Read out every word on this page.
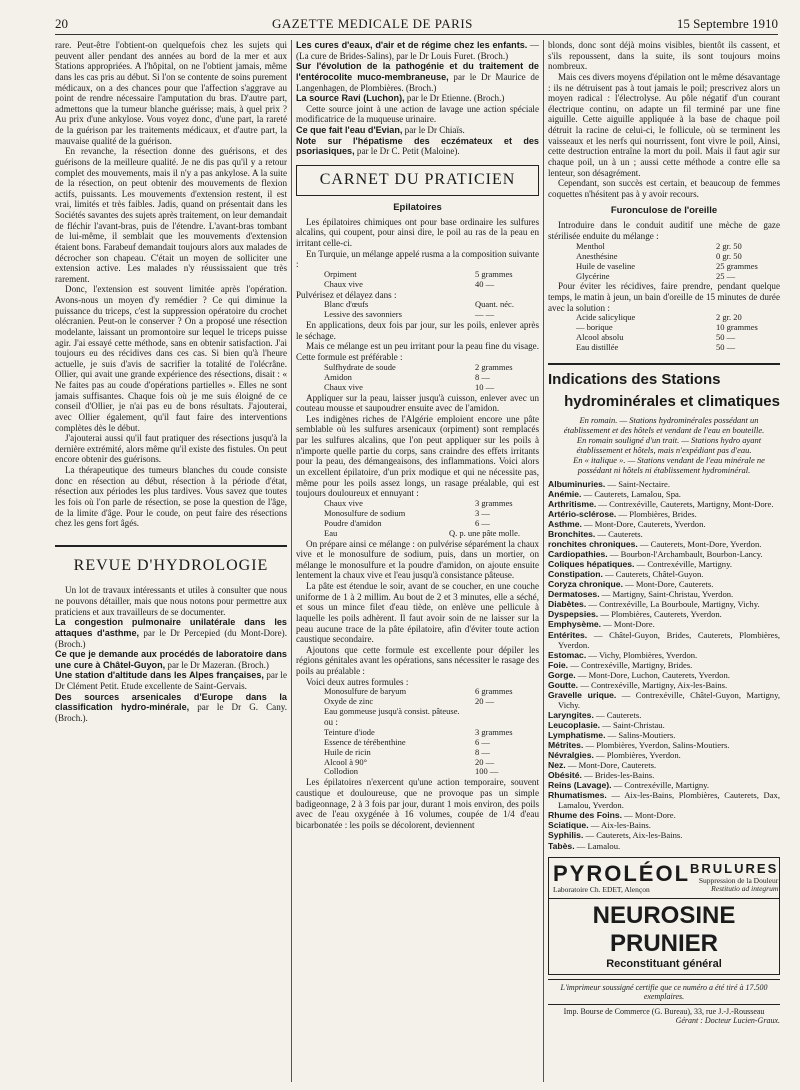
20	GAZETTE MEDICALE DE PARIS	15 Septembre 1910

rare. Peut-être l'obtient-on quelquefois chez les sujets qui peuvent aller pendant des années au bord de la mer et aux Stations appropriées. A l'hôpital, on ne l'obtient jamais, même dans les cas pris au début. Si l'on se contente de soins purement médicaux, on a des chances pour que l'affection s'aggrave au point de rendre nécessaire l'amputation du bras. D'autre part, admettons que la tumeur blanche guérisse; mais, à quel prix ? Au prix d'une ankylose. Vous voyez donc, d'une part, la rareté de la guérison par les traitements médicaux, et d'autre part, la mauvaise qualité de la guérison.

En revanche, la résection donne des guérisons, et des guérisons de la meilleure qualité. Je ne dis pas qu'il y a retour complet des mouvements, mais il n'y a pas ankylose. A la suite de la résection, on peut obtenir des mouvements de flexion actifs, puissants. Les mouvements d'extension restent, il est vrai, limités et très faibles. Jadis, quand on présentait dans les Sociétés savantes des sujets après traitement, on leur demandait de fléchir l'avant-bras, puis de l'étendre. L'avant-bras tombant de lui-même, il semblait que les mouvements d'extension étaient bons. Farabeuf demandait toujours alors aux malades de décrocher son chapeau. C'était un moyen de solliciter une extension active. Les malades n'y réussissaient que très rarement.

Donc, l'extension est souvent limitée après l'opération. Avons-nous un moyen d'y remédier ? Ce qui diminue la puissance du triceps, c'est la suppression opératoire du crochet olécranien. Peut-on le conserver ? On a proposé une résection modelante, laissant un promontoire sur lequel le triceps puisse agir. J'ai essayé cette méthode, sans en obtenir satisfaction. J'ai toujours eu des récidives dans ces cas. Si bien qu'à l'heure actuelle, je suis d'avis de sacrifier la totalité de l'olécrâne. Ollier, qui avait une grande expérience des résections, disait : « Ne faites pas au coude d'opérations partielles ». Elles ne sont jamais suffisantes. Chaque fois où je me suis éloigné de ce conseil d'Ollier, je n'ai pas eu de bons résultats. J'ajouterai, avec Ollier également, qu'il faut faire des interventions complètes dès le début.

J'ajouterai aussi qu'il faut pratiquer des résections jusqu'à la dernière extrémité, alors même qu'il existe des fistules. On peut encore obtenir des guérisons.

La thérapeutique des tumeurs blanches du coude consiste donc en résection au début, résection à la période d'état, résection aux périodes les plus tardives. Vous savez que toutes les fois où l'on parle de résection, se pose la question de l'âge, de la limite d'âge. Pour le coude, on peut faire des résections chez les gens fort âgés.

REVUE D'HYDROLOGIE

Un lot de travaux intéressants et utiles à consulter que nous ne pouvons détailler, mais que nous notons pour permettre aux praticiens et aux travailleurs de se documenter.

La congestion pulmonaire unilatérale dans les attaques d'asthme, par le Dr Percepied (du Mont-Dore). (Broch.)

Ce que je demande aux procédés de laboratoire dans une cure à Châtel-Guyon, par le Dr Mazeran. (Broch.)

Une station d'altitude dans les Alpes françaises, par le Dr Clément Petit. Etude excellente de Saint-Gervais.

Des sources arsenicales d'Europe dans la classification hydro-minérale, par le Dr G. Cany. (Broch.).

Les cures d'eaux, d'air et de régime chez les enfants. — (La cure de Brides-Salins), par le Dr Louis Furet. (Broch.)

Sur l'évolution de la pathogénie et du traitement de l'entérocolite muco-membraneuse, par le Dr Maurice de Langenhagen, de Plombières. (Broch.)

La source Ravi (Luchon), par le Dr Etienne. (Broch.)

Cette source joint à une action de lavage une action spéciale modificatrice de la muqueuse urinaire.

Ce que fait l'eau d'Evian, par le Dr Chiaïs.

Note sur l'hépatisme des eczémateux et des psoriasiques, par le Dr C. Petit (Maloine).

CARNET DU PRATICIEN
Epilatoires

Les épilatoires chimiques ont pour base ordinaire les sulfures alcalins, qui coupent, pour ainsi dire, le poil au ras de la peau en irritant celle-ci.

En Turquie, un mélange appelé rusma a la composition suivante :

Orpiment	5 grammes
Chaux vive	40 —

Pulvérisez et délayez dans :

Blanc d'œufs	Quant. néc.
Lessive des savonniers	— —

En applications, deux fois par jour, sur les poils, enlever après le séchage.

Mais ce mélange est un peu irritant pour la peau fine du visage. Cette formule est préférable :

Sulfhydrate de soude	2 grammes
Amidon	8 —
Chaux vive	10 —

Appliquer sur la peau, laisser jusqu'à cuisson, enlever avec un couteau mousse et saupoudrer ensuite avec de l'amidon.

Les indigènes riches de l'Algérie emploient encore une pâte semblable où les sulfures arsenicaux (orpiment) sont remplacés par les sulfures alcalins, que l'on peut appliquer sur les poils à n'importe quelle partie du corps, sans craindre des effets irritants pour la peau, des démangeaisons, des inflammations. Voici alors un excellent épilatoire, d'un prix modique et qui ne nécessite pas, même pour les poils assez longs, un rasage préalable, qui est toujours douloureux et ennuyant :

Chaux vive	3 grammes
Monosulfure de sodium	3 —
Poudre d'amidon	6 —
Eau	Q. p. une pâte molle.

On prépare ainsi ce mélange : on pulvérise séparément la chaux vive et le monosulfure de sodium, puis, dans un mortier, on mélange le monosulfure et la poudre d'amidon, on ajoute ensuite lentement la chaux vive et l'eau jusqu'à consistance pâteuse.

La pâte est étendue le soir, avant de se coucher, en une couche uniforme de 1 à 2 millim. Au bout de 2 et 3 minutes, elle a séché, et sous un mince filet d'eau tiède, on enlève une pellicule à laquelle les poils adhèrent. Il faut avoir soin de ne laisser sur la peau aucune trace de la pâte épilatoire, afin d'éviter toute action caustique secondaire.

Ajoutons que cette formule est excellente pour dépiler les régions génitales avant les opérations, sans nécessiter le rasage des poils au préalable :

Voici deux autres formules :

Monosulfure de baryum	6 grammes
Oxyde de zinc	20 —
Eau gommeuse jusqu'à consist. pâteuse.

ou :

Teinture d'iode	3 grammes
Essence de térébenthine	6 —
Huile de ricin	8 —
Alcool à 90°	20 —
Collodion	100 —

Les épilatoires n'exercent qu'une action temporaire, souvent caustique et douloureuse, que ne provoque pas un simple badigeonnage, 2 à 3 fois par jour, durant 1 mois environ, des poils avec de l'eau oxygénée à 16 volumes, coupée de 1/4 d'eau bicarbonatée : les poils se décolorent, deviennent

blonds, donc sont déjà moins visibles, bientôt ils cassent, et s'ils repoussent, dans la suite, ils sont toujours moins nombreux.

Mais ces divers moyens d'épilation ont le même désavantage : ils ne détruisent pas à tout jamais le poil; prescrivez alors un moyen radical : l'électrolyse. Au pôle négatif d'un courant électrique continu, on adapte un fil terminé par une fine aiguille. Cette aiguille appliquée à la base de chaque poil détruit la racine de celui-ci, le follicule, où se terminent les vaisseaux et les nerfs qui nourrissent, font vivre le poil, Ainsi, cette destruction entraîne la mort du poil. Mais il faut agir sur chaque poil, un à un ; aussi cette méthode a contre elle sa lenteur, son désagrément.

Cependant, son succès est certain, et beaucoup de femmes coquettes n'hésitent pas à y avoir recours.

Furonculose de l'oreille

Introduire dans le conduit auditif une mèche de gaze stérilisée enduite du mélange :

Menthol	2 gr. 50
Anesthésine	0 gr. 50
Huile de vaseline	25 grammes
Glycérine	25 —

Pour éviter les récidives, faire prendre, pendant quelque temps, le matin à jeun, un bain d'oreille de 15 minutes de durée avec la solution :

Acide salicylique	2 gr. 20
— borique	10 grammes
Alcool absolu	50 —
Eau distillée	50 —
Indications des Stations
hydrominérales et climatiques

En romain. — Stations hydrominérales possédant un établissement et des hôtels et vendant de l'eau en bouteille.

En romain souligné d'un trait. — Stations hydro ayant établissement et hôtels, mais n'expédiant pas d'eau.

En « italique ». — Stations vendant de l'eau minérale ne possédant ni hôtels ni établissement hydrominéral.

Albuminuries. — Saint-Nectaire.

Anémie. — Cauterets, Lamalou, Spa.

Arthritisme. — Contrexéville, Cauterets, Martigny, Mont-Dore.

Artério-sclérose. — Plombières, Brides.

Asthme. — Mont-Dore, Cauterets, Yverdon.

Bronchites. — Cauterets.

ronchites chroniques. — Cauterets, Mont-Dore, Yverdon.

Cardiopathies. — Bourbon-l'Archambault, Bourbon-Lancy.

Coliques hépatiques. — Contrexéville, Martigny.

Constipation. — Cauterets, Châtel-Guyon.

Coryza chronique. — Mont-Dore, Cauterets.

Dermatoses. — Martigny, Saint-Christau, Yverdon.

Diabètes. — Contrexéville, La Bourboule, Martigny, Vichy.

Dyspepsies. — Plombières, Cauterets, Yverdon.

Emphysème. — Mont-Dore.

Entérites. — Châtel-Guyon, Brides, Cauterets, Plombières, Yverdon.

Estomac. — Vichy, Plombières, Yverdon.

Foie. — Contrexéville, Martigny, Brides.

Gorge. — Mont-Dore, Luchon, Cauterets, Yverdon.

Goutte. — Contrexéville, Martigny, Aix-les-Bains.

Gravelle urique. — Contrexéville, Châtel-Guyon, Martigny, Vichy.

Laryngites. — Cauterets.

Leucoplasie. — Saint-Christau.

Lymphatisme. — Salins-Moutiers.

Métrites. — Plombières, Yverdon, Salins-Moutiers.

Névralgies. — Plombières, Yverdon.

Nez. — Mont-Dore, Cauterets.

Obésité. — Brides-les-Bains.

Reins (Lavage). — Contrexéville, Martigny.

Rhumatismes. — Aix-les-Bains, Plombières, Cauterets, Dax, Lamalou, Yverdon.

Rhume des Foins. — Mont-Dore.

Sciatique. — Aix-les-Bains.

Syphilis. — Cauterets, Aix-les-Bains.

Tabès. — Lamalou.

PYROLÉOL
Laboratoire Ch. EDET, Alençon
BRULURES
Suppression de la Douleur
Restitutio ad integrum
NEUROSINE PRUNIER
Reconstituant général
L'imprimeur soussigné certifie que ce numéro a été tiré à 17.500 exemplaires.
Imp. Bourse de Commerce (G. Bureau), 33, rue J.-J.-Rousseau
Gérant : Docteur Lucien-Graux.
